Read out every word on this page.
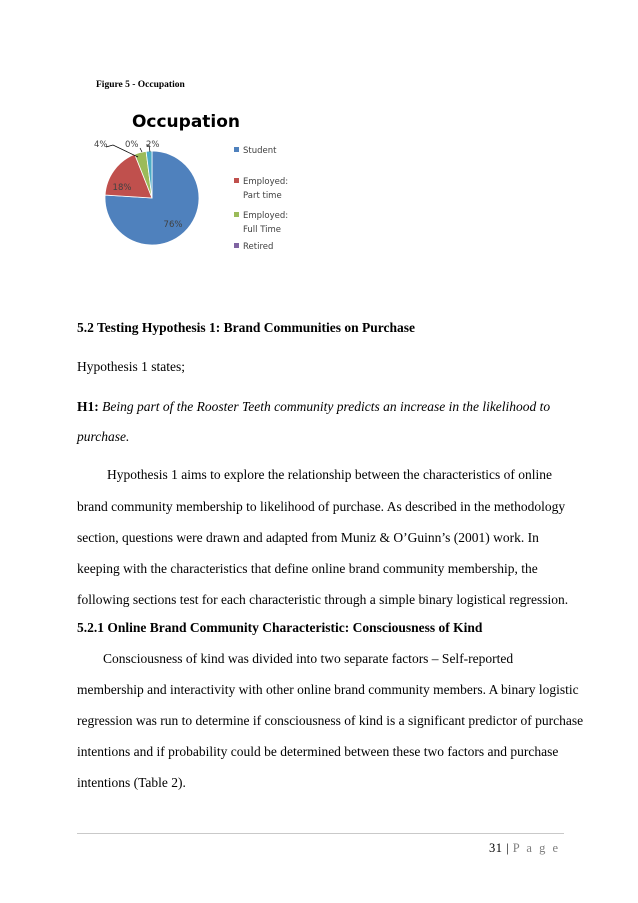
Figure 5 - Occupation
Occupation
76%
18%
4% 0% 2%
Student
Employed:
Part time
Employed:
Full Time
Retired
5.2 Testing Hypothesis 1: Brand Communities on Purchase
Hypothesis 1 states;
H1: Being part of the Rooster Teeth community predicts an increase in the likelihood to
purchase.
Hypothesis 1 aims to explore the relationship between the characteristics of online
brand community membership to likelihood of purchase. As described in the methodology
section, questions were drawn and adapted from Muniz & O’Guinn’s (2001) work. In
keeping with the characteristics that define online brand community membership, the
following sections test for each characteristic through a simple binary logistical regression.
5.2.1 Online Brand Community Characteristic: Consciousness of Kind
Consciousness of kind was divided into two separate factors – Self-reported
membership and interactivity with other online brand community members. A binary logistic
regression was run to determine if consciousness of kind is a significant predictor of purchase
intentions and if probability could be determined between these two factors and purchase
intentions (Table 2).
31 | P a g e
